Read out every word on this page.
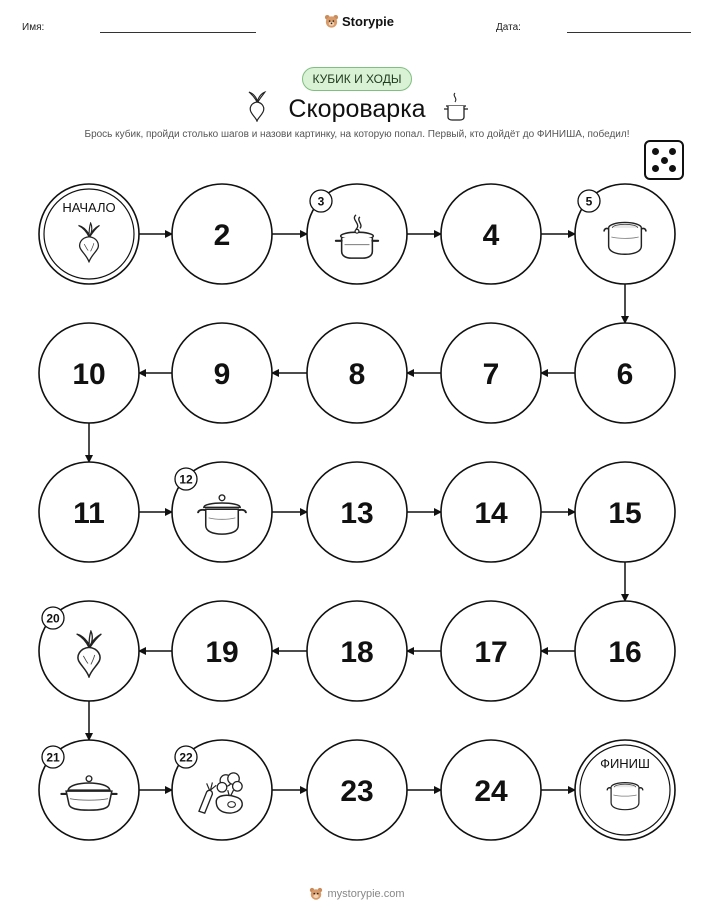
Имя:	Storypie	Дата:
КУБИК И ХОДЫ
Скороварка
Брось кубик, пройди столько шагов и назови картинку, на которую попал. Первый, кто дойдёт до ФИНИША, победил!
НАЧАЛО
2
3
4
5
6
7
8
9
10
11
12
13	14	15
16
17
18
19
20
21	22
23	24
ФИНИШ
mystorypie.com
